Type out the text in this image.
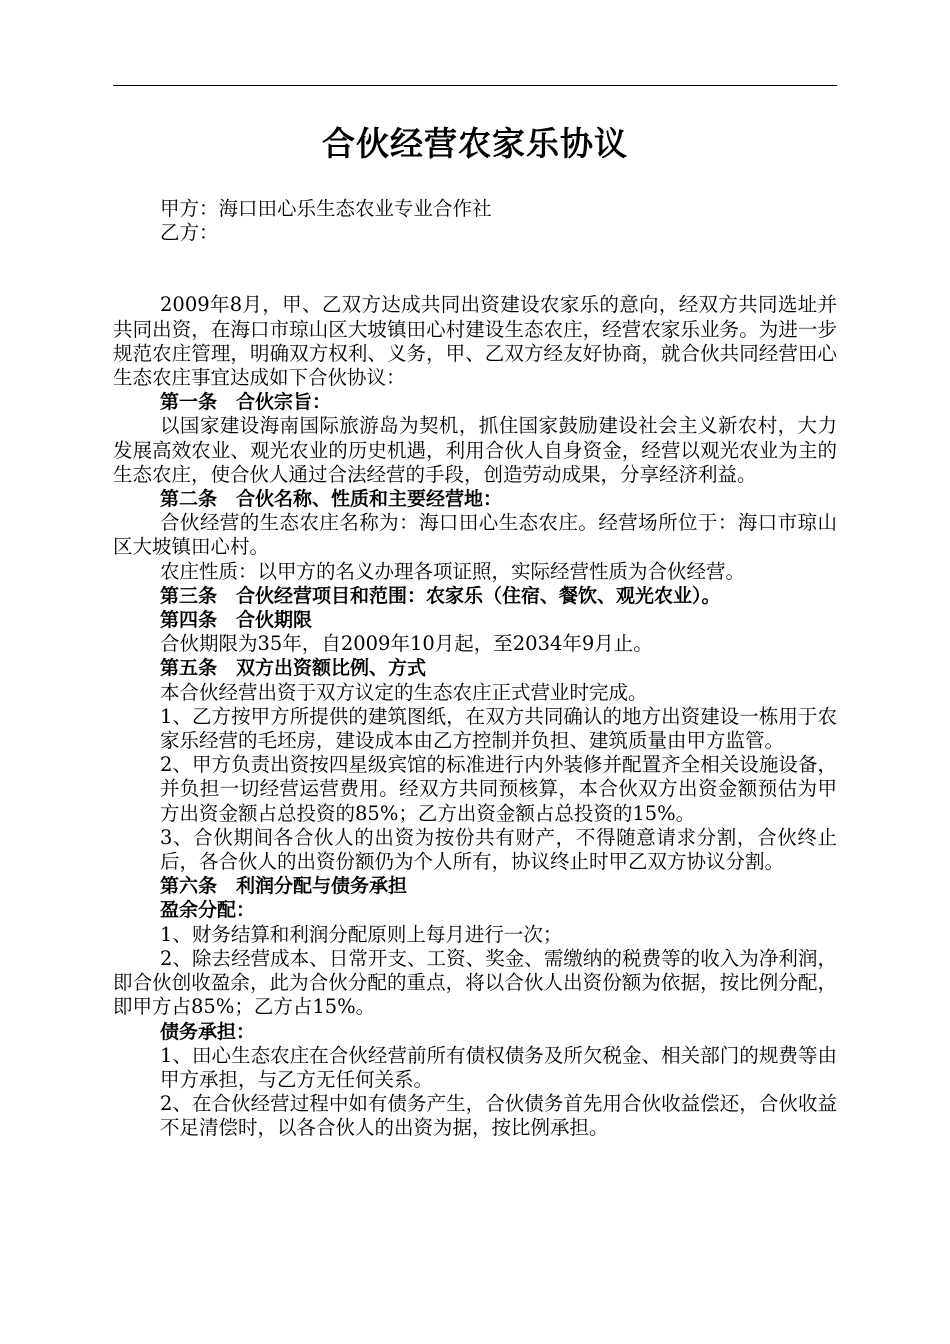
合伙经营农家乐协议

甲方：海口田心乐生态农业专业合作社

乙方：

2009年8月，甲、乙双方达成共同出资建设农家乐的意向，经双方共同选址并共同出资，在海口市琼山区大坡镇田心村建设生态农庄，经营农家乐业务。为进一步规范农庄管理，明确双方权利、义务，甲、乙双方经友好协商，就合伙共同经营田心生态农庄事宜达成如下合伙协议：

第一条　合伙宗旨：

以国家建设海南国际旅游岛为契机，抓住国家鼓励建设社会主义新农村，大力发展高效农业、观光农业的历史机遇，利用合伙人自身资金，经营以观光农业为主的生态农庄，使合伙人通过合法经营的手段，创造劳动成果，分享经济利益。

第二条　合伙名称、性质和主要经营地：

合伙经营的生态农庄名称为：海口田心生态农庄。经营场所位于：海口市琼山区大坡镇田心村。

农庄性质：以甲方的名义办理各项证照，实际经营性质为合伙经营。

第三条　合伙经营项目和范围：农家乐（住宿、餐饮、观光农业）。

第四条　合伙期限

合伙期限为35年，自2009年10月起，至2034年9月止。

第五条　双方出资额比例、方式

本合伙经营出资于双方议定的生态农庄正式营业时完成。

1、乙方按甲方所提供的建筑图纸，在双方共同确认的地方出资建设一栋用于农家乐经营的毛坯房，建设成本由乙方控制并负担、建筑质量由甲方监管。

2、甲方负责出资按四星级宾馆的标准进行内外装修并配置齐全相关设施设备，并负担一切经营运营费用。经双方共同预核算，本合伙双方出资金额预估为甲方出资金额占总投资的85%；乙方出资金额占总投资的15%。

3、合伙期间各合伙人的出资为按份共有财产，不得随意请求分割，合伙终止后，各合伙人的出资份额仍为个人所有，协议终止时甲乙双方协议分割。

第六条　利润分配与债务承担

盈余分配：

1、财务结算和利润分配原则上每月进行一次；

2、除去经营成本、日常开支、工资、奖金、需缴纳的税费等的收入为净利润，即合伙创收盈余，此为合伙分配的重点，将以合伙人出资份额为依据，按比例分配，即甲方占85%；乙方占15%。

债务承担：

1、田心生态农庄在合伙经营前所有债权债务及所欠税金、相关部门的规费等由甲方承担，与乙方无任何关系。

2、在合伙经营过程中如有债务产生，合伙债务首先用合伙收益偿还，合伙收益不足清偿时，以各合伙人的出资为据，按比例承担。
